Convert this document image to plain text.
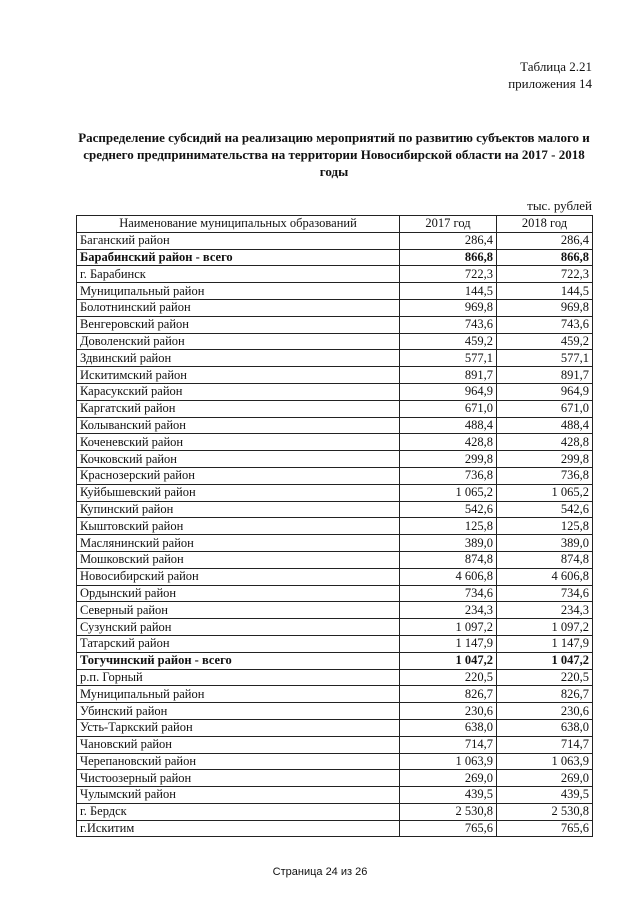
Таблица 2.21
приложения 14
Распределение субсидий на реализацию мероприятий по развитию субъектов малого и среднего предпринимательства на территории Новосибирской области на 2017 - 2018 годы
тыс. рублей
Наименование муниципальных образований	2017 год	2018 год
Баганский район	286,4	286,4
Барабинский район - всего	866,8	866,8
г. Барабинск	722,3	722,3
Муниципальный район	144,5	144,5
Болотнинский район	969,8	969,8
Венгеровский район	743,6	743,6
Доволенский район	459,2	459,2
Здвинский район	577,1	577,1
Искитимский район	891,7	891,7
Карасукский район	964,9	964,9
Каргатский район	671,0	671,0
Колыванский район	488,4	488,4
Коченевский район	428,8	428,8
Кочковский район	299,8	299,8
Краснозерский район	736,8	736,8
Куйбышевский район	1 065,2	1 065,2
Купинский район	542,6	542,6
Кыштовский район	125,8	125,8
Маслянинский район	389,0	389,0
Мошковский район	874,8	874,8
Новосибирский район	4 606,8	4 606,8
Ордынский район	734,6	734,6
Северный район	234,3	234,3
Сузунский район	1 097,2	1 097,2
Татарский район	1 147,9	1 147,9
Тогучинский район - всего	1 047,2	1 047,2
р.п. Горный	220,5	220,5
Муниципальный район	826,7	826,7
Убинский район	230,6	230,6
Усть-Таркский район	638,0	638,0
Чановский район	714,7	714,7
Черепановский район	1 063,9	1 063,9
Чистоозерный район	269,0	269,0
Чулымский район	439,5	439,5
г. Бердск	2 530,8	2 530,8
г.Искитим	765,6	765,6
Страница 24 из 26
